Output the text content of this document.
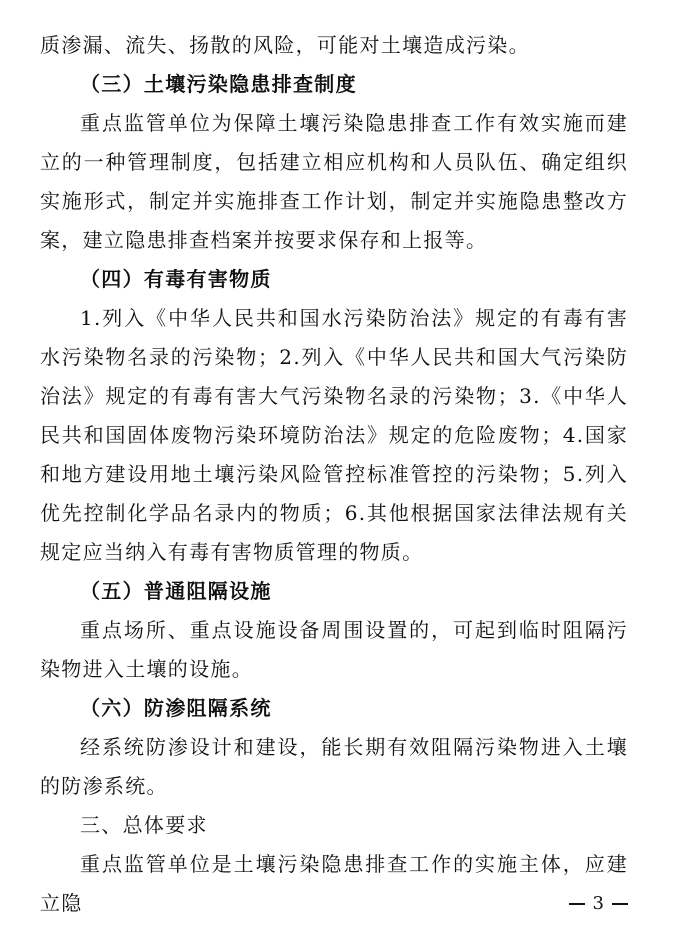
质渗漏、流失、扬散的风险，可能对土壤造成污染。

（三）土壤污染隐患排查制度

重点监管单位为保障土壤污染隐患排查工作有效实施而建立的一种管理制度，包括建立相应机构和人员队伍、确定组织实施形式，制定并实施排查工作计划，制定并实施隐患整改方案，建立隐患排查档案并按要求保存和上报等。

（四）有毒有害物质

1.列入《中华人民共和国水污染防治法》规定的有毒有害水污染物名录的污染物；2.列入《中华人民共和国大气污染防治法》规定的有毒有害大气污染物名录的污染物；3.《中华人民共和国固体废物污染环境防治法》规定的危险废物；4.国家和地方建设用地土壤污染风险管控标准管控的污染物；5.列入优先控制化学品名录内的物质；6.其他根据国家法律法规有关规定应当纳入有毒有害物质管理的物质。

（五）普通阻隔设施

重点场所、重点设施设备周围设置的，可起到临时阻隔污染物进入土壤的设施。

（六）防渗阻隔系统

经系统防渗设计和建设，能长期有效阻隔污染物进入土壤的防渗系统。

三、总体要求

重点监管单位是土壤污染隐患排查工作的实施主体，应建立隐	3
